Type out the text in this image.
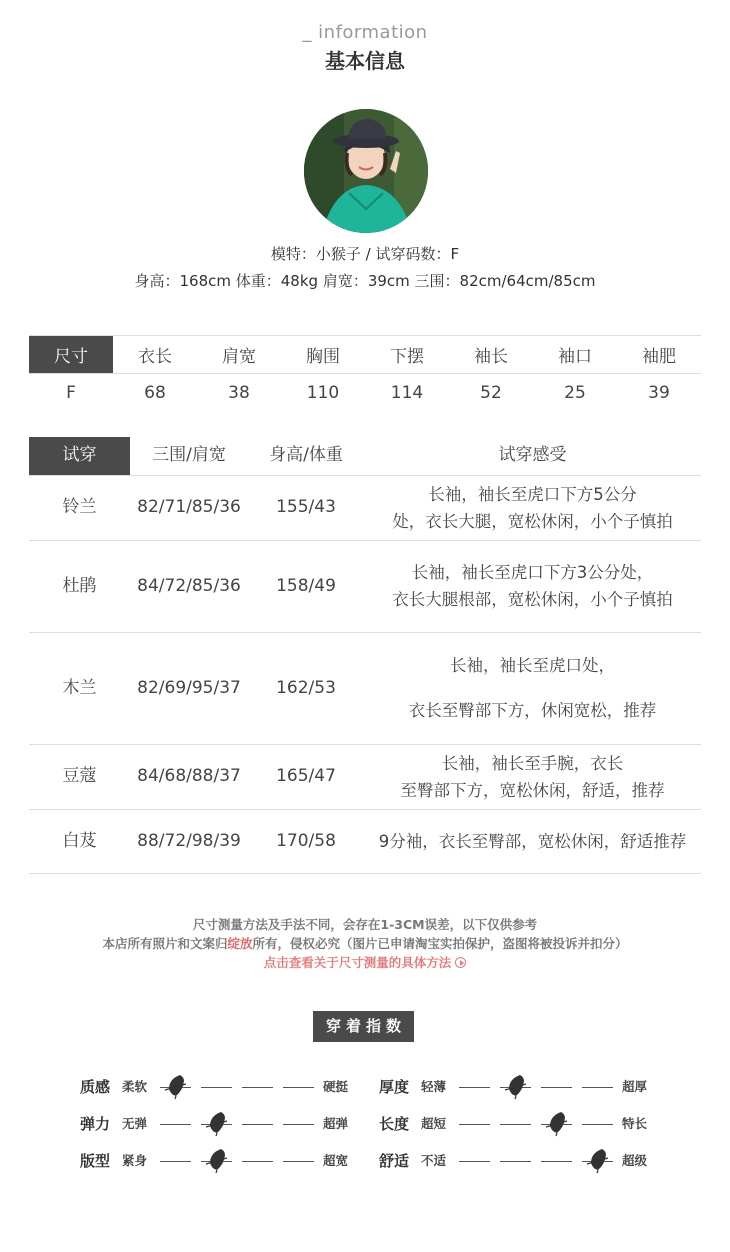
_ information
基本信息
模特：小猴子 / 试穿码数：F
身高：168cm 体重：48kg 肩宽：39cm 三围：82cm/64cm/85cm
尺寸	衣长	肩宽	胸围	下摆	袖长	袖口	袖肥
F	68	38	110	114	52	25	39
试穿	三围/肩宽	身高/体重	试穿感受
铃兰	82/71/85/36	155/43	长袖，袖长至虎口下方5公分
处，衣长大腿，宽松休闲，小个子慎拍

杜鹃	84/72/85/36	158/49	长袖，袖长至虎口下方3公分处，
衣长大腿根部，宽松休闲，小个子慎拍

木兰	82/69/95/37	162/53	长袖，袖长至虎口处，
衣长至臀部下方，休闲宽松，推荐

豆蔻	84/68/88/37	165/47	长袖，袖长至手腕，衣长
至臀部下方，宽松休闲，舒适，推荐

白芨	88/72/98/39	170/58	9分袖，衣长至臀部，宽松休闲，舒适推荐
尺寸测量方法及手法不同，会存在1-3CM误差，以下仅供参考
本店所有照片和文案归绽放所有，侵权必究（图片已申请淘宝实拍保护，盗图将被投诉并扣分）
点击查看关于尺寸测量的具体方法
穿着指数
质感 柔软	硬挺
弹力 无弹	超弹
版型 紧身	超宽
厚度 轻薄	超厚
长度 超短	特长
舒适 不适	超级
